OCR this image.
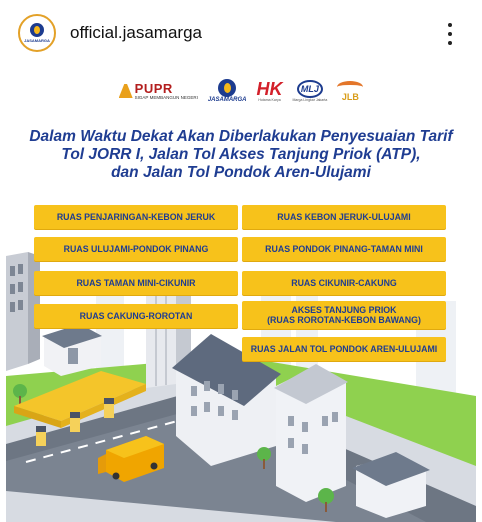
JASAMARGA official.jasamarga
PUPR
SIGAP MEMBANGUN NEGERI JASAMARGA
HK
Hutama Karya
MLJ
Marga Lingkar Jakarta JLB
Dalam Waktu Dekat Akan Diberlakukan Penyesuaian Tarif
Tol JORR I, Jalan Tol Akses Tanjung Priok (ATP),
dan Jalan Tol Pondok Aren-Ulujami
RUAS PENJARINGAN-KEBON JERUK
RUAS ULUJAMI-PONDOK PINANG
RUAS TAMAN MINI-CIKUNIR
RUAS CAKUNG-ROROTAN
RUAS KEBON JERUK-ULUJAMI
RUAS PONDOK PINANG-TAMAN MINI
RUAS CIKUNIR-CAKUNG
AKSES TANJUNG PRIOK
(RUAS ROROTAN-KEBON BAWANG)
RUAS JALAN TOL PONDOK AREN-ULUJAMI
